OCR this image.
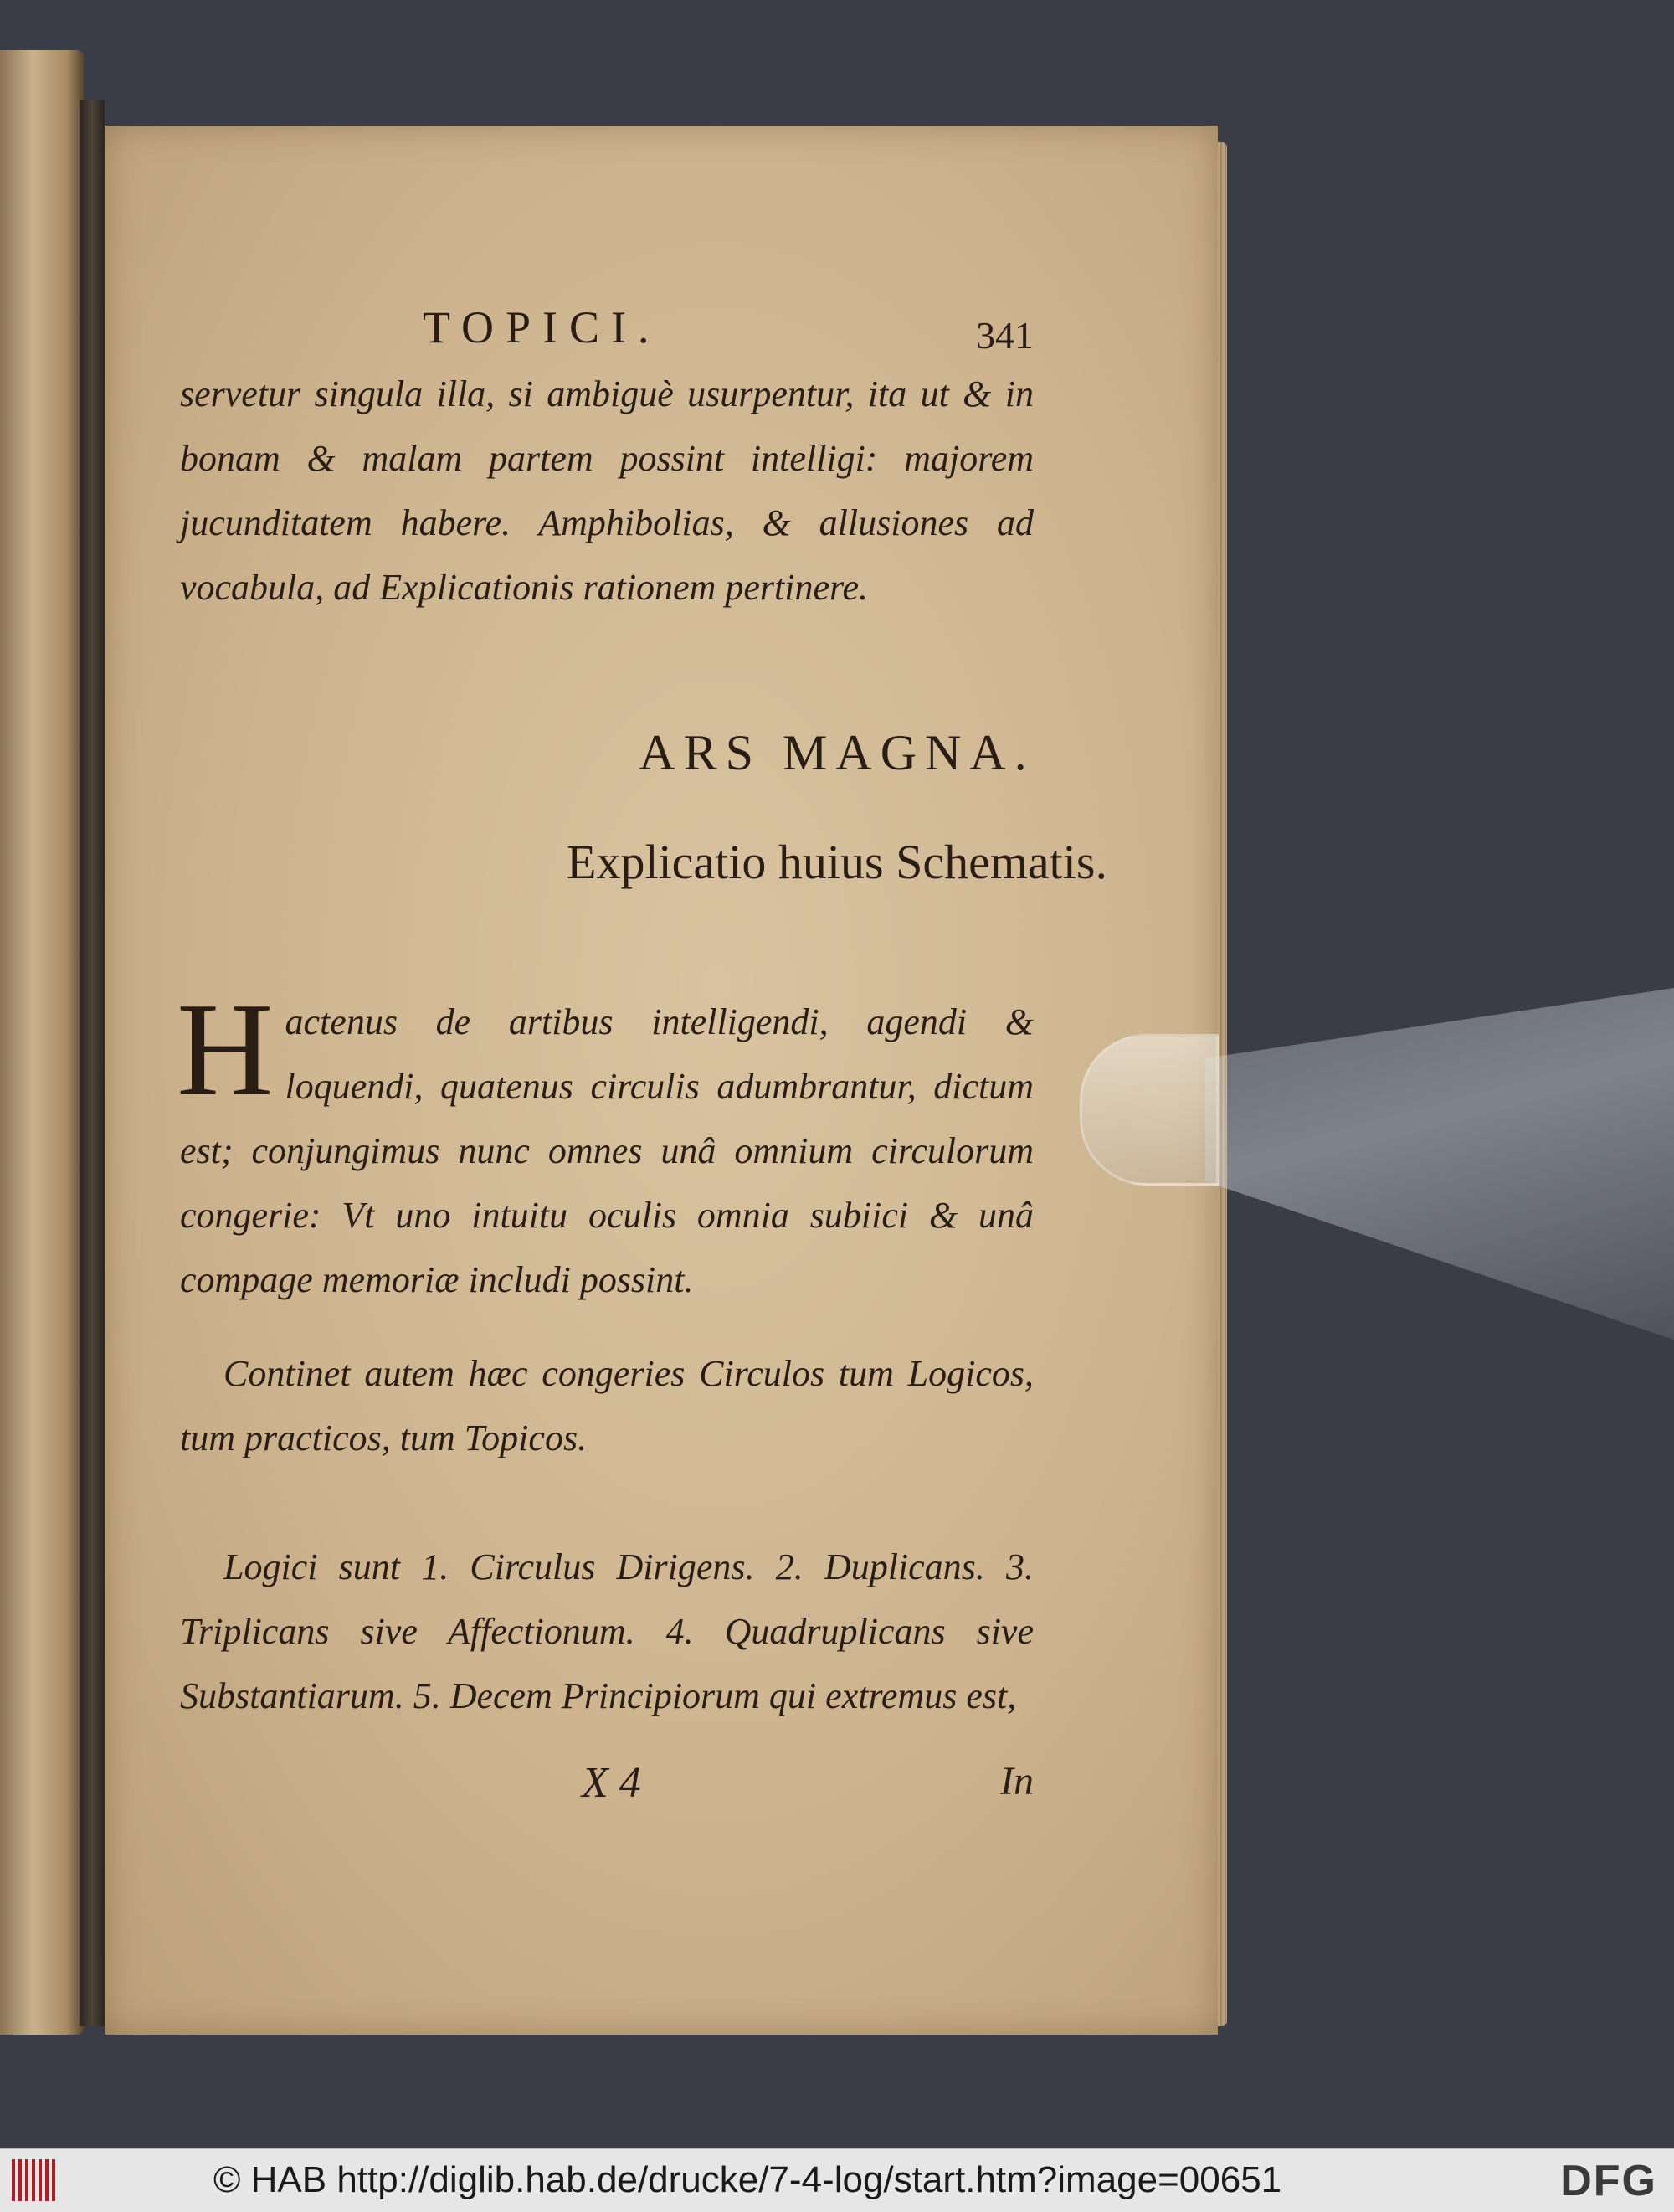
TOPICI.	341
servetur singula illa, si ambiguè usurpentur, ita ut & in bonam & malam partem possint intelligi: majorem jucunditatem habere. Amphibolias, & allusiones ad vocabula, ad Explicationis rationem pertinere.
ARS MAGNA.
Explicatio huius Schematis.
H actenus de artibus intelligendi, agendi & loquendi, quatenus circulis adumbrantur, dictum est; conjungimus nunc omnes unâ omnium circulorum congerie: Vt uno intuitu oculis omnia subiici & unâ compage memoriæ includi possint.
Continet autem hæc congeries Circulos tum Logicos, tum practicos, tum Topicos.
Logici sunt 1. Circulus Dirigens. 2. Duplicans. 3. Triplicans sive Affectionum. 4. Quadruplicans sive Substantiarum. 5. Decem Principiorum qui extremus est,
X 4	In
© HAB http://diglib.hab.de/drucke/7-4-log/start.htm?image=00651	DFG
